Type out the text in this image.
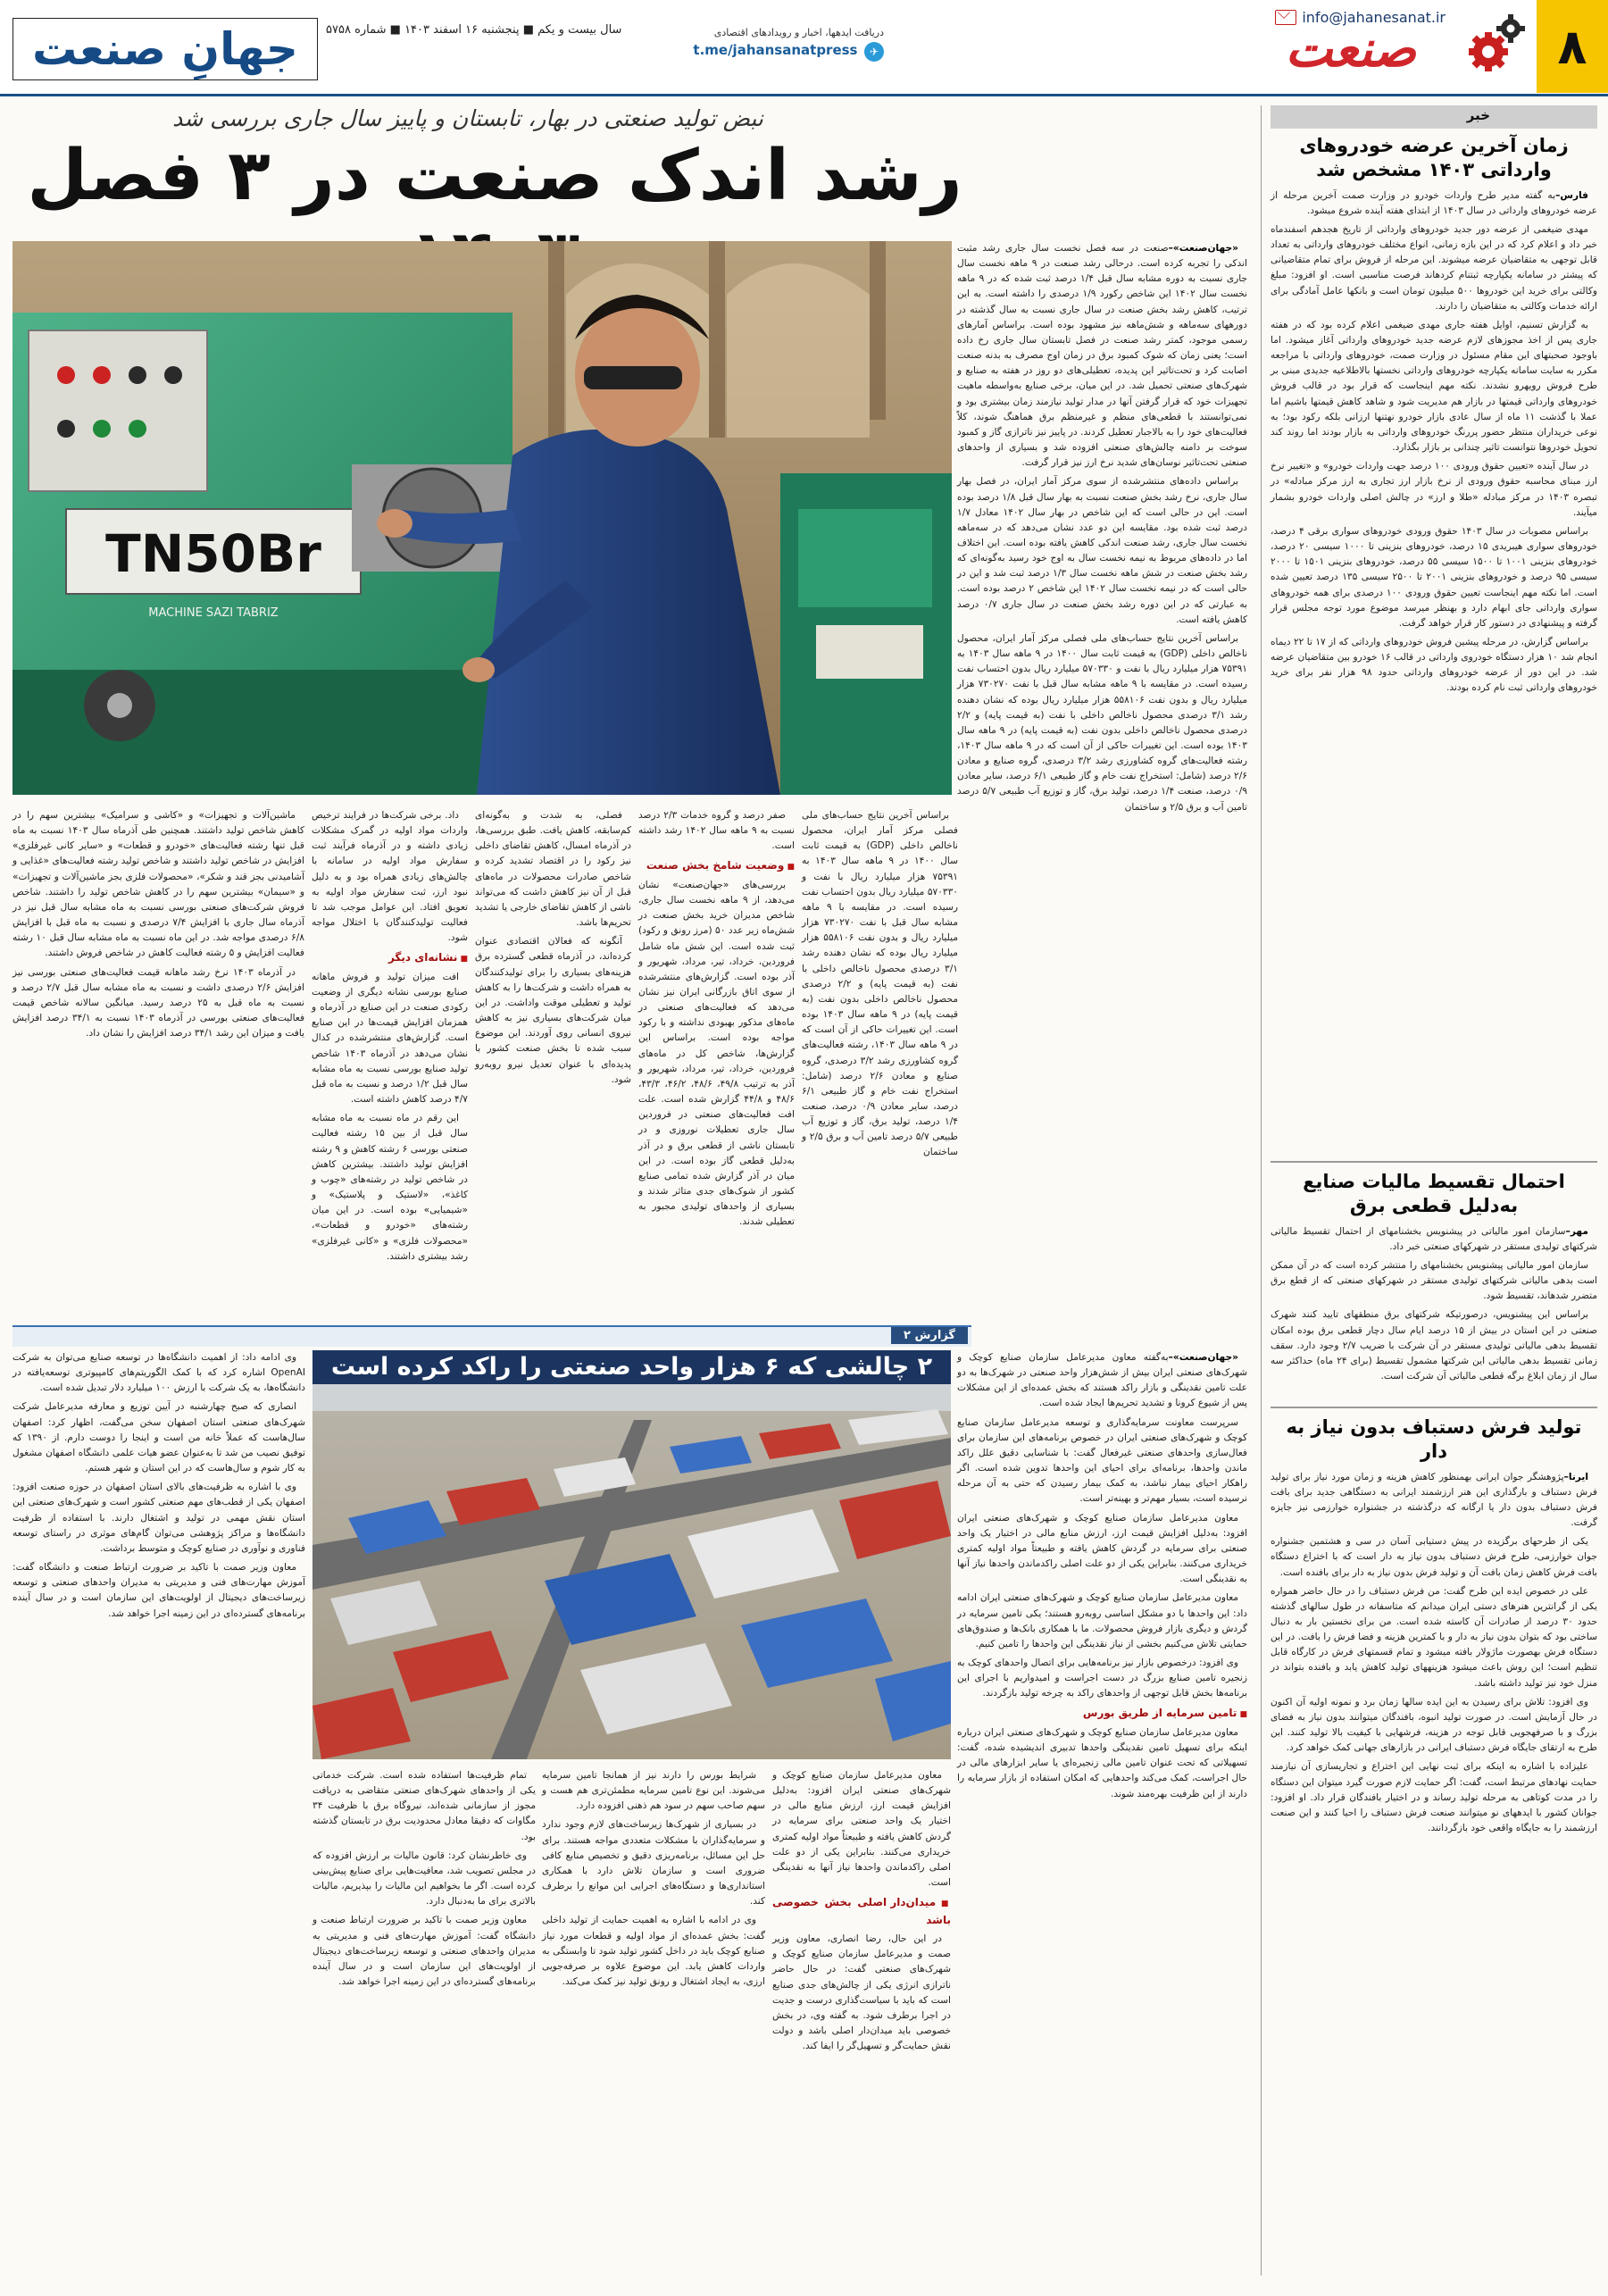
۸
info@jahanesanat.ir
صنعت
دریافت ایدهها، اخبار و رویدادهای اقتصادی
✈ t.me/jahansanatpress
سال بیست و یکم ■ پنجشنبه ۱۶ اسفند ۱۴۰۳ ■ شماره ۵۷۵۸
جهانِ صنعت
خبر
زمان آخرین عرضه خودروهای وارداتی ۱۴۰۳ مشخص شد

فارس–به گفته مدیر طرح واردات خودرو در وزارت صمت آخرین مرحله از عرضه خودروهای وارداتی در سال ۱۴۰۳ از ابتدای هفته آینده شروع میشود.

مهدی ضیغمی از عرضه دور جدید خودروهای وارداتی از تاریخ هجدهم اسفندماه خبر داد و اعلام کرد که در این بازه زمانی، انواع مختلف خودروهای وارداتی به تعداد قابل توجهی به متقاضیان عرضه میشوند. این مرحله از فروش برای تمام متقاضیانی که پیشتر در سامانه یکپارچه ثبتنام کردهاند فرصت مناسبی است. او افزود: مبلغ وکالتی برای خرید این خودروها ۵۰۰ میلیون تومان است و بانکها عامل آمادگی برای ارائه خدمات وکالتی به متقاضیان را دارند.

به گزارش تسنیم، اوایل هفته جاری مهدی ضیغمی اعلام کرده بود که در هفته جاری پس از اخذ مجوزهای لازم عرضه جدید خودروهای وارداتی آغاز میشود. اما باوجود صحبتهای این مقام مسئول در وزارت صمت، خودروهای وارداتی با مراجعه مکرر به سایت سامانه یکپارچه خودروهای وارداتی نخستها بالاطلاعیه جدیدی مبنی بر طرح فروش رویهرو نشدند. نکته مهم اینجاست که قرار بود در قالب فروش خودروهای وارداتی قیمتها در بازار هم مدیریت شود و شاهد کاهش قیمتها باشیم اما عملا با گذشت ۱۱ ماه از سال عادی بازار خودرو نهتنها ارزانی بلکه رکود بود؛ به نوعی خریداران منتظر حضور پررنگ خودروهای وارداتی به بازار بودند اما روند کند تحویل خودروها نتوانست تاثیر چندانی بر بازار بگذارد.

در سال آینده «تعیین حقوق ورودی ۱۰۰ درصد جهت واردات خودرو» و «تغییر نرخ ارز مبنای محاسبه حقوق ورودی از نرخ بازار ارز تجاری به ارز مرکز مبادله» در تبصره ۱۴۰۳ در مرکز مبادله «طلا و ارز» در چالش اصلی واردات خودرو بشمار میآیند.

براساس مصوبات در سال ۱۴۰۳ حقوق ورودی خودروهای سواری برقی ۴ درصد، خودروهای سواری هیبریدی ۱۵ درصد، خودروهای بنزینی تا ۱۰۰۰ سیسی ۲۰ درصد، خودروهای بنزینی ۱۰۰۱ تا ۱۵۰۰ سیسی ۵۵ درصد، خودروهای بنزینی ۱۵۰۱ تا ۲۰۰۰ سیسی ۹۵ درصد و خودروهای بنزینی ۲۰۰۱ تا ۲۵۰۰ سیسی ۱۳۵ درصد تعیین شده است. اما نکته مهم اینجاست تعیین حقوق ورودی ۱۰۰ درصدی برای همه خودروهای سواری وارداتی جای ابهام دارد و بهنظر میرسد موضوع مورد توجه مجلس قرار گرفته و پیشنهادی در دستور کار قرار خواهد گرفت.

براساس گزارش، در مرحله پیشین فروش خودروهای وارداتی که از ۱۷ تا ۲۲ دیماه انجام شد ۱۰ هزار دستگاه خودروی وارداتی در قالب ۱۶ خودرو بین متقاضیان عرضه شد. در این دور از عرضه خودروهای وارداتی حدود ۹۸ هزار نفر برای خرید خودروهای وارداتی ثبت نام کرده بودند.

احتمال تقسیط مالیات صنایع به‌دلیل قطعی برق

مهر–سازمان امور مالیاتی در پیشنویس بخشنامهای از احتمال تقسیط مالیاتی شرکتهای تولیدی مستقر در شهرکهای صنعتی خبر داد.

سازمان امور مالیاتی پیشنویس بخشنامهای را منتشر کرده است که در آن ممکن است بدهی مالیاتی شرکتهای تولیدی مستقر در شهرکهای صنعتی که از قطع برق متضرر شدهاند، تقسیط شود.

براساس این پیشنویس، درصورتیکه شرکتهای برق منطقهای تایید کنند شهرک صنعتی در این استان در بیش از ۱۵ درصد ایام سال دچار قطعی برق بوده امکان تقسیط بدهی مالیاتی تولیدی مستقر در آن شرکت با ضریب ۲/۷ وجود دارد. سقف زمانی تقسیط بدهی مالیاتی این شرکتها مشمول تقسیط (برای ۲۴ ماه) حداکثر سه سال از زمان ابلاغ برگه قطعی مالیاتی آن شرکت است.

تولید فرش دستباف بدون نیاز به دار

ایرنا–پژوهشگر جوان ایرانی بهمنظور کاهش هزینه و زمان مورد نیاز برای تولید فرش دستباف و بارگذاری این هنر ارزشمند ایرانی به دستگاهی جدید برای بافت فرش دستباف بدون دار یا ارگانه که درگذشته در جشنواره خوارزمی نیز جایزه گرفت.

یکی از طرحهای برگزیده در پیش دستیابی آسان در سی و هشتمین جشنواره جوان خوارزمی، طرح فرش دستباف بدون نیاز به دار است که با اختراع دستگاه بافت فرش کاهش زمان بافت آن و تولید فرش بدون نیاز به دار برای بافنده است.

علی در خصوص ایده این طرح گفت: من فرش دستباف را در حال حاضر همواره یکی از گرانترین هنرهای دستی ایران میدانم که متاسفانه در طول سالهای گذشته حدود ۳۰ درصد از صادرات آن کاسته شده است. من برای نخستین بار به دنبال ساختی بود که بتوان بدون نیاز به دار و با کمترین هزینه و فضا فرش را بافت. در این دستگاه فرش بهصورت ماژولار بافته میشود و تمام قسمتهای فرش در کارگاه قابل تنظیم است؛ این روش باعث میشود هزینههای تولید کاهش یابد و بافنده بتواند در منزل خود نیز تولید داشته باشد.

وی افزود: تلاش برای رسیدن به این ایده سالها زمان برد و نمونه اولیه آن اکنون در حال آزمایش است. در صورت تولید انبوه، بافندگان میتوانند بدون نیاز به فضای بزرگ و با صرفهجویی قابل توجه در هزینه، فرشهایی با کیفیت بالا تولید کنند. این طرح به ارتقای جایگاه فرش دستباف ایرانی در بازارهای جهانی کمک خواهد کرد.

علیزاده با اشاره به اینکه برای ثبت نهایی این اختراع و تجاریسازی آن نیازمند حمایت نهادهای مرتبط است، گفت: اگر حمایت لازم صورت گیرد میتوان این دستگاه را در مدت کوتاهی به مرحله تولید رساند و در اختیار بافندگان قرار داد. او افزود: جوانان کشور با ایدههای نو میتوانند صنعت فرش دستباف را احیا کنند و این صنعت ارزشمند را به جایگاه واقعی خود بازگردانند.

نبض تولید صنعتی در بهار، تابستان و پاییز سال جاری بررسی شد
رشد اندک صنعت در ۳ فصل
TN50Br
MACHINE SAZI TABRIZ

«جهان‌صنعت»–صنعت در سه فصل نخست سال جاری رشد مثبت اندکی را تجربه کرده است. درحالی رشد صنعت در ۹ ماهه نخست سال جاری نسبت به دوره مشابه سال قبل ۱/۴ درصد ثبت شده که در ۹ ماهه نخست سال ۱۴۰۲ این شاخص رکورد ۱/۹ درصدی را داشته است. به این ترتیب، کاهش رشد بخش صنعت در سال جاری نسبت به سال گذشته در دورههای سه‌ماهه و شش‌ماهه نیز مشهود بوده است. براساس آمارهای رسمی موجود، کمتر رشد صنعت در فصل تابستان سال جاری رخ داده است؛ یعنی زمان که شوک کمبود برق در زمان اوج مصرف به بدنه صنعت اصابت کرد و تحت‌تاثیر این پدیده، تعطیلی‌های دو روز در هفته به صنایع و شهرک‌های صنعتی تحمیل شد. در این میان، برخی صنایع به‌واسطه ماهیت تجهیزات خود که قرار گرفتن آنها در مدار تولید نیازمند زمان بیشتری بود و نمی‌توانستند با قطعی‌های منظم و غیرمنظم برق هماهنگ شوند، کلاً فعالیت‌های خود را به بالاجبار تعطیل کردند. در پاییز نیز ناترازی گاز و کمبود سوخت بر دامنه چالش‌های صنعتی افزوده شد و بسیاری از واحدهای صنعتی تحت‌تاثیر نوسان‌های شدید نرخ ارز نیز قرار گرفت.

براساس داده‌های منتشرشده از سوی مرکز آمار ایران، در فصل بهار سال جاری، نرخ رشد بخش صنعت نسبت به بهار سال قبل ۱/۸ درصد بوده است. این در حالی است که این شاخص در بهار سال ۱۴۰۲ معادل ۱/۷ درصد ثبت شده بود. مقایسه این دو عدد نشان می‌دهد که در سه‌ماهه نخست سال جاری، رشد صنعت اندکی کاهش یافته بوده است. این اختلاف اما در داده‌های مربوط به نیمه نخست سال به اوج خود رسید به‌گونه‌ای که رشد بخش صنعت در شش ماهه نخست سال ۱/۳ درصد ثبت شد و این در حالی است که در نیمه نخست سال ۱۴۰۲ این شاخص ۲ درصد بوده است. به عبارتی که در این دوره رشد بخش صنعت در سال جاری ۰/۷ درصد کاهش یافته است.

براساس آخرین نتایج حساب‌های ملی فصلی مرکز آمار ایران، محصول ناخالص داخلی (GDP) به قیمت ثابت سال ۱۴۰۰ در ۹ ماهه سال ۱۴۰۳ به ۷۵۳۹۱ هزار میلیارد ریال با نفت و ۵۷۰۳۳۰ میلیارد ریال بدون احتساب نفت رسیده است. در مقایسه با ۹ ماهه مشابه سال قبل با نفت ۷۳۰۲۷۰ هزار میلیارد ریال و بدون نفت ۵۵۸۱۰۶ هزار میلیارد ریال بوده که نشان دهنده رشد ۳/۱ درصدی محصول ناخالص داخلی با نفت (به قیمت پایه) و ۲/۲ درصدی محصول ناخالص داخلی بدون نفت (به قیمت پایه) در ۹ ماهه سال ۱۴۰۳ بوده است. این تغییرات حاکی از آن است که در ۹ ماهه سال ۱۴۰۳، رشته فعالیت‌های گروه کشاورزی رشد ۳/۲ درصدی، گروه صنایع و معادن ۲/۶ درصد (شامل: استخراج نفت خام و گاز طبیعی ۶/۱ درصد، سایر معادن ۰/۹ درصد، صنعت ۱/۴ درصد، تولید برق، گاز و توزیع آب طبیعی ۵/۷ درصد تامین آب و برق ۲/۵ و ساختمان

براساس آخرین نتایج حساب‌های ملی فصلی مرکز آمار ایران، محصول ناخالص داخلی (GDP) به قیمت ثابت سال ۱۴۰۰ در ۹ ماهه سال ۱۴۰۳ به ۷۵۳۹۱ هزار میلیارد ریال با نفت و ۵۷۰۳۳۰ میلیارد ریال بدون احتساب نفت رسیده است. در مقایسه با ۹ ماهه مشابه سال قبل با نفت ۷۳۰۲۷۰ هزار میلیارد ریال و بدون نفت ۵۵۸۱۰۶ هزار میلیارد ریال بوده که نشان دهنده رشد ۳/۱ درصدی محصول ناخالص داخلی با نفت (به قیمت پایه) و ۲/۲ درصدی محصول ناخالص داخلی بدون نفت (به قیمت پایه) در ۹ ماهه سال ۱۴۰۳ بوده است. این تغییرات حاکی از آن است که در ۹ ماهه سال ۱۴۰۳، رشته فعالیت‌های گروه کشاورزی رشد ۳/۲ درصدی، گروه صنایع و معادن ۲/۶ درصد (شامل: استخراج نفت خام و گاز طبیعی ۶/۱ درصد، سایر معادن ۰/۹ درصد، صنعت ۱/۴ درصد، تولید برق، گاز و توزیع آب طبیعی ۵/۷ درصد تامین آب و برق ۲/۵ و ساختمان

صفر درصد و گروه خدمات ۲/۳ درصد نسبت به ۹ ماهه سال ۱۴۰۲ رشد داشته است.

■ وضعیت شامخ بخش صنعت

بررسی‌های «جهان‌صنعت» نشان می‌دهد، از ۹ ماهه نخست سال جاری، شاخص مدیران خرید بخش صنعت در شش‌ماه زیر عدد ۵۰ (مرز رونق و رکود) ثبت شده است. این شش ماه شامل فروردین، خرداد، تیر، مرداد، شهریور و آذر بوده است. گزارش‌های منتشرشده از سوی اتاق بازرگانی ایران نیز نشان می‌دهد که فعالیت‌های صنعتی در ماه‌های مذکور بهبودی نداشته و با رکود مواجه بوده است. براساس این گزارش‌ها، شاخص کل در ماه‌های فروردین، خرداد، تیر، مرداد، شهریور و آذر به ترتیب ۴۹/۸، ۴۸/۶، ۴۶/۲، ۴۳/۳، ۴۸/۶ و ۴۴/۸ گزارش شده است. علت افت فعالیت‌های صنعتی در فروردین سال جاری تعطیلات نوروزی و در تابستان ناشی از قطعی برق و در آذر به‌دلیل قطعی گاز بوده است. در این میان در آذر گزارش شده تمامی صنایع کشور از شوک‌های جدی متاثر شدند و بسیاری از واحدهای تولیدی مجبور به تعطیلی شدند.

فصلی، به شدت و به‌گونه‌ای کم‌سابقه، کاهش یافت. طبق بررسی‌ها، در آذرماه امسال، کاهش تقاضای داخلی نیز رکود را در اقتصاد تشدید کرده و شاخص صادرات محصولات در ماه‌های قبل از آن نیز کاهش داشت که می‌تواند ناشی از کاهش تقاضای خارجی یا تشدید تحریم‌ها باشد.

آنگونه که فعالان اقتصادی عنوان کرده‌اند، در آذرماه قطعی گسترده برق هزینه‌های بسیاری را برای تولیدکنندگان به همراه داشت و شرکت‌ها را به کاهش تولید و تعطیلی موقت واداشت. در این میان شرکت‌های بسیاری نیز به کاهش نیروی انسانی روی آوردند. این موضوع سبب شده تا بخش صنعت کشور با پدیده‌ای با عنوان تعدیل نیرو رو‌به‌رو شود.

داد. برخی شرکت‌ها در فرایند ترخیص واردات مواد اولیه در گمرک مشکلات زیادی داشته و در آذرماه فرآیند ثبت سفارش مواد اولیه در سامانه با چالش‌های زیادی همراه بود و به دلیل نبود ارز، ثبت سفارش مواد اولیه به تعویق افتاد. این عوامل موجب شد تا فعالیت تولیدکنندگان با اختلال مواجه شود.

■ نشانه‌ای دیگر

افت میزان تولید و فروش ماهانه صنایع بورسی نشانه دیگری از وضعیت رکودی صنعت در این صنایع در آذرماه و همزمان افزایش قیمت‌ها در این صنایع است. گزارش‌های منتشرشده در کدال نشان می‌دهد در آذرماه ۱۴۰۳ شاخص تولید صنایع بورسی نسبت به ماه مشابه سال قبل ۱/۲ درصد و نسبت به ماه قبل ۴/۷ درصد کاهش داشته است.

این رقم در ماه نسبت به ماه مشابه سال قبل از بین ۱۵ رشته فعالیت صنعتی بورسی ۶ رشته کاهش و ۹ رشته افزایش تولید داشتند. بیشترین کاهش در شاخص تولید در رشته‌های «چوب و کاغذ»، «لاستیک و پلاستیک» و «شیمیایی» بوده است. در این میان رشته‌های «خودرو و قطعات»، «محصولات فلزی» و «کانی غیرفلزی» رشد بیشتری داشتند.

ماشین‌آلات و تجهیزات» و «کاشی و سرامیک» بیشترین سهم را در کاهش شاخص تولید داشتند. همچنین طی آذرماه سال ۱۴۰۳ نسبت به ماه قبل تنها رشته فعالیت‌های «خودرو و قطعات» و «سایر کانی غیرفلزی» افزایش در شاخص تولید داشتند و شاخص تولید رشته فعالیت‌های «غذایی و آشامیدنی بجز قند و شکر»، «محصولات فلزی بجز ماشین‌آلات و تجهیزات» و «سیمان» بیشترین سهم را در کاهش شاخص تولید را داشتند. شاخص فروش شرکت‌های صنعتی بورسی نسبت به ماه مشابه سال قبل نیز در آذرماه سال جاری با افزایش ۷/۴ درصدی و نسبت به ماه قبل با افزایش ۶/۸ درصدی مواجه شد. در این ماه نسبت به ماه مشابه سال قبل ۱۰ رشته فعالیت افزایش و ۵ رشته فعالیت کاهش در شاخص فروش داشتند.

در آذرماه ۱۴۰۳ نرخ رشد ماهانه قیمت فعالیت‌های صنعتی بورسی نیز افزایش ۲/۶ درصدی داشت و نسبت به ماه مشابه سال قبل ۲/۷ درصد و نسبت به ماه قبل به ۲۵ درصد رسید. میانگین سالانه شاخص قیمت فعالیت‌های صنعتی بورسی در آذرماه ۱۴۰۳ نسبت به ۳۴/۱ درصد افزایش یافت و میزان این رشد ۳۴/۱ درصد افزایش را نشان داد.

گزارش ۲

«جهان‌صنعت»–به‌گفته معاون مدیرعامل سازمان صنایع کوچک و شهرک‌های صنعتی ایران بیش از شش‌هزار واحد صنعتی در شهرک‌ها به دو علت تامین نقدینگی و بازار راکد هستند که بخش عمده‌ای از این مشکلات پس از شیوع کرونا و تشدید تحریم‌ها ایجاد شده است.

سرپرست معاونت سرمایه‌گذاری و توسعه مدیرعامل سازمان صنایع کوچک و شهرک‌های صنعتی ایران در خصوص برنامه‌های این سازمان برای فعال‌سازی واحدهای صنعتی غیرفعال گفت: با شناسایی دقیق علل راکد ماندن واحدها، برنامه‌ای برای احیای این واحدها تدوین شده است. اگر راهکار احیای بیمار نباشد، به کمک بیمار رسیدن که حتی به آن مرحله نرسیده است، بسیار مهم‌تر و بهینه‌تر است.

معاون مدیرعامل سازمان صنایع کوچک و شهرک‌های صنعتی ایران افزود: به‌دلیل افزایش قیمت ارز، ارزش منابع مالی در اختیار یک واحد صنعتی برای سرمایه در گردش کاهش یافته و طبیعتاً مواد اولیه کمتری خریداری می‌کنند. بنابراین یکی از دو علت اصلی راکدماندن واحدها نیاز آنها به نقدینگی است.

معاون مدیرعامل سازمان صنایع کوچک و شهرک‌های صنعتی ایران ادامه داد: این واحدها با دو مشکل اساسی روبه‌رو هستند؛ یکی تامین سرمایه در گردش و دیگری بازار فروش محصولات. ما با همکاری بانک‌ها و صندوق‌های حمایتی تلاش می‌کنیم بخشی از نیاز نقدینگی این واحدها را تامین کنیم.

وی افزود: درخصوص بازار نیز برنامه‌هایی برای اتصال واحدهای کوچک به زنجیره تامین صنایع بزرگ در دست اجراست و امیدواریم با اجرای این برنامه‌ها بخش قابل توجهی از واحدهای راکد به چرخه تولید بازگردند.

■ تامین سرمایه از طریق بورس

معاون مدیرعامل سازمان صنایع کوچک و شهرک‌های صنعتی ایران درباره اینکه برای تسهیل تامین نقدینگی واحدها تدبیری اندیشیده شده، گفت: تسهیلاتی که تحت عنوان تامین مالی زنجیره‌ای یا سایر ابزارهای مالی در حال اجراست، کمک می‌کند واحدهایی که امکان استفاده از بازار سرمایه را دارند از این ظرفیت بهره‌مند شوند.

۲ چالشی که ۶ هزار واحد صنعتی را راکد کرده است

معاون مدیرعامل سازمان صنایع کوچک و شهرک‌های صنعتی ایران افزود: به‌دلیل افزایش قیمت ارز، ارزش منابع مالی در اختیار یک واحد صنعتی برای سرمایه در گردش کاهش یافته و طبیعتاً مواد اولیه کمتری خریداری می‌کنند. بنابراین یکی از دو علت اصلی راکدماندن واحدها نیاز آنها به نقدینگی است.

■ میدان‌دار اصلی بخش خصوصی باشد

در این حال، رضا انصاری، معاون وزیر صمت و مدیرعامل سازمان صنایع کوچک و شهرک‌های صنعتی گفت: در حال حاضر ناترازی انرژی یکی از چالش‌های جدی صنایع است که باید با سیاست‌گذاری درست و جدیت در اجرا برطرف شود. به گفته وی، در بخش خصوصی باید میدان‌دار اصلی باشد و دولت نقش حمایت‌گر و تسهیل‌گر را ایفا کند.

شرایط بورس را دارند نیز از همانجا تامین سرمایه می‌شوند. این نوع تامین سرمایه مطمئن‌تری هم هست و سهم صاحب سهم در سود هم ذهنی افزوده دارد.

در بسیاری از شهرک‌ها زیرساخت‌های لازم وجود ندارد و سرمایه‌گذاران با مشکلات متعددی مواجه هستند. برای حل این مسائل، برنامه‌ریزی دقیق و تخصیص منابع کافی ضروری است و سازمان تلاش دارد با همکاری استانداری‌ها و دستگاه‌های اجرایی این موانع را برطرف کند.

وی در ادامه با اشاره به اهمیت حمایت از تولید داخلی گفت: بخش عمده‌ای از مواد اولیه و قطعات مورد نیاز صنایع کوچک باید در داخل کشور تولید شود تا وابستگی به واردات کاهش یابد. این موضوع علاوه بر صرفه‌جویی ارزی، به ایجاد اشتغال و رونق تولید نیز کمک می‌کند.

تمام ظرفیت‌ها استفاده شده است. شرکت خدماتی یکی از واحدهای شهرک‌های صنعتی متقاضی به دریافت مجوز از سازمانی شده‌اند، نیروگاه برق با ظرفیت ۳۴ مگاوات که دقیقا معادل محدودیت برق در تابستان گذشته بود.

وی خاطرنشان کرد: قانون مالیات بر ارزش افزوده که در مجلس تصویب شد، معافیت‌هایی برای صنایع پیش‌بینی کرده است. اگر ما بخواهیم این مالیات را بپذیریم، مالیات بالاتری برای ما به‌دنبال دارد.

معاون وزیر صمت با تاکید بر ضرورت ارتباط صنعت و دانشگاه گفت: آموزش مهارت‌های فنی و مدیریتی به مدیران واحدهای صنعتی و توسعه زیرساخت‌های دیجیتال از اولویت‌های این سازمان است و در سال آینده برنامه‌های گسترده‌ای در این زمینه اجرا خواهد شد.

وی ادامه داد: از اهمیت دانشگاه‌ها در توسعه صنایع می‌توان به شرکت OpenAI اشاره کرد که با کمک الگوریتم‌های کامپیوتری توسعه‌یافته در دانشگاه‌ها، به یک شرکت با ارزش ۱۰۰ میلیارد دلار تبدیل شده است.

انصاری که صبح چهارشنبه در آیین توزیع و معارفه مدیرعامل شرکت شهرک‌های صنعتی استان اصفهان سخن می‌گفت، اظهار کرد: اصفهان سال‌هاست که عملاً خانه من است و اینجا را دوست دارم. از ۱۳۹۰ که توفیق نصیب من شد تا به‌عنوان عضو هیات علمی دانشگاه اصفهان مشغول به کار شوم و سال‌هاست که در این استان و شهر هستم.

وی با اشاره به ظرفیت‌های بالای استان اصفهان در حوزه صنعت افزود: اصفهان یکی از قطب‌های مهم صنعتی کشور است و شهرک‌های صنعتی این استان نقش مهمی در تولید و اشتغال دارند. با استفاده از ظرفیت دانشگاه‌ها و مراکز پژوهشی می‌توان گام‌های موثری در راستای توسعه فناوری و نوآوری در صنایع کوچک و متوسط برداشت.

معاون وزیر صمت با تاکید بر ضرورت ارتباط صنعت و دانشگاه گفت: آموزش مهارت‌های فنی و مدیریتی به مدیران واحدهای صنعتی و توسعه زیرساخت‌های دیجیتال از اولویت‌های این سازمان است و در سال آینده برنامه‌های گسترده‌ای در این زمینه اجرا خواهد شد.
